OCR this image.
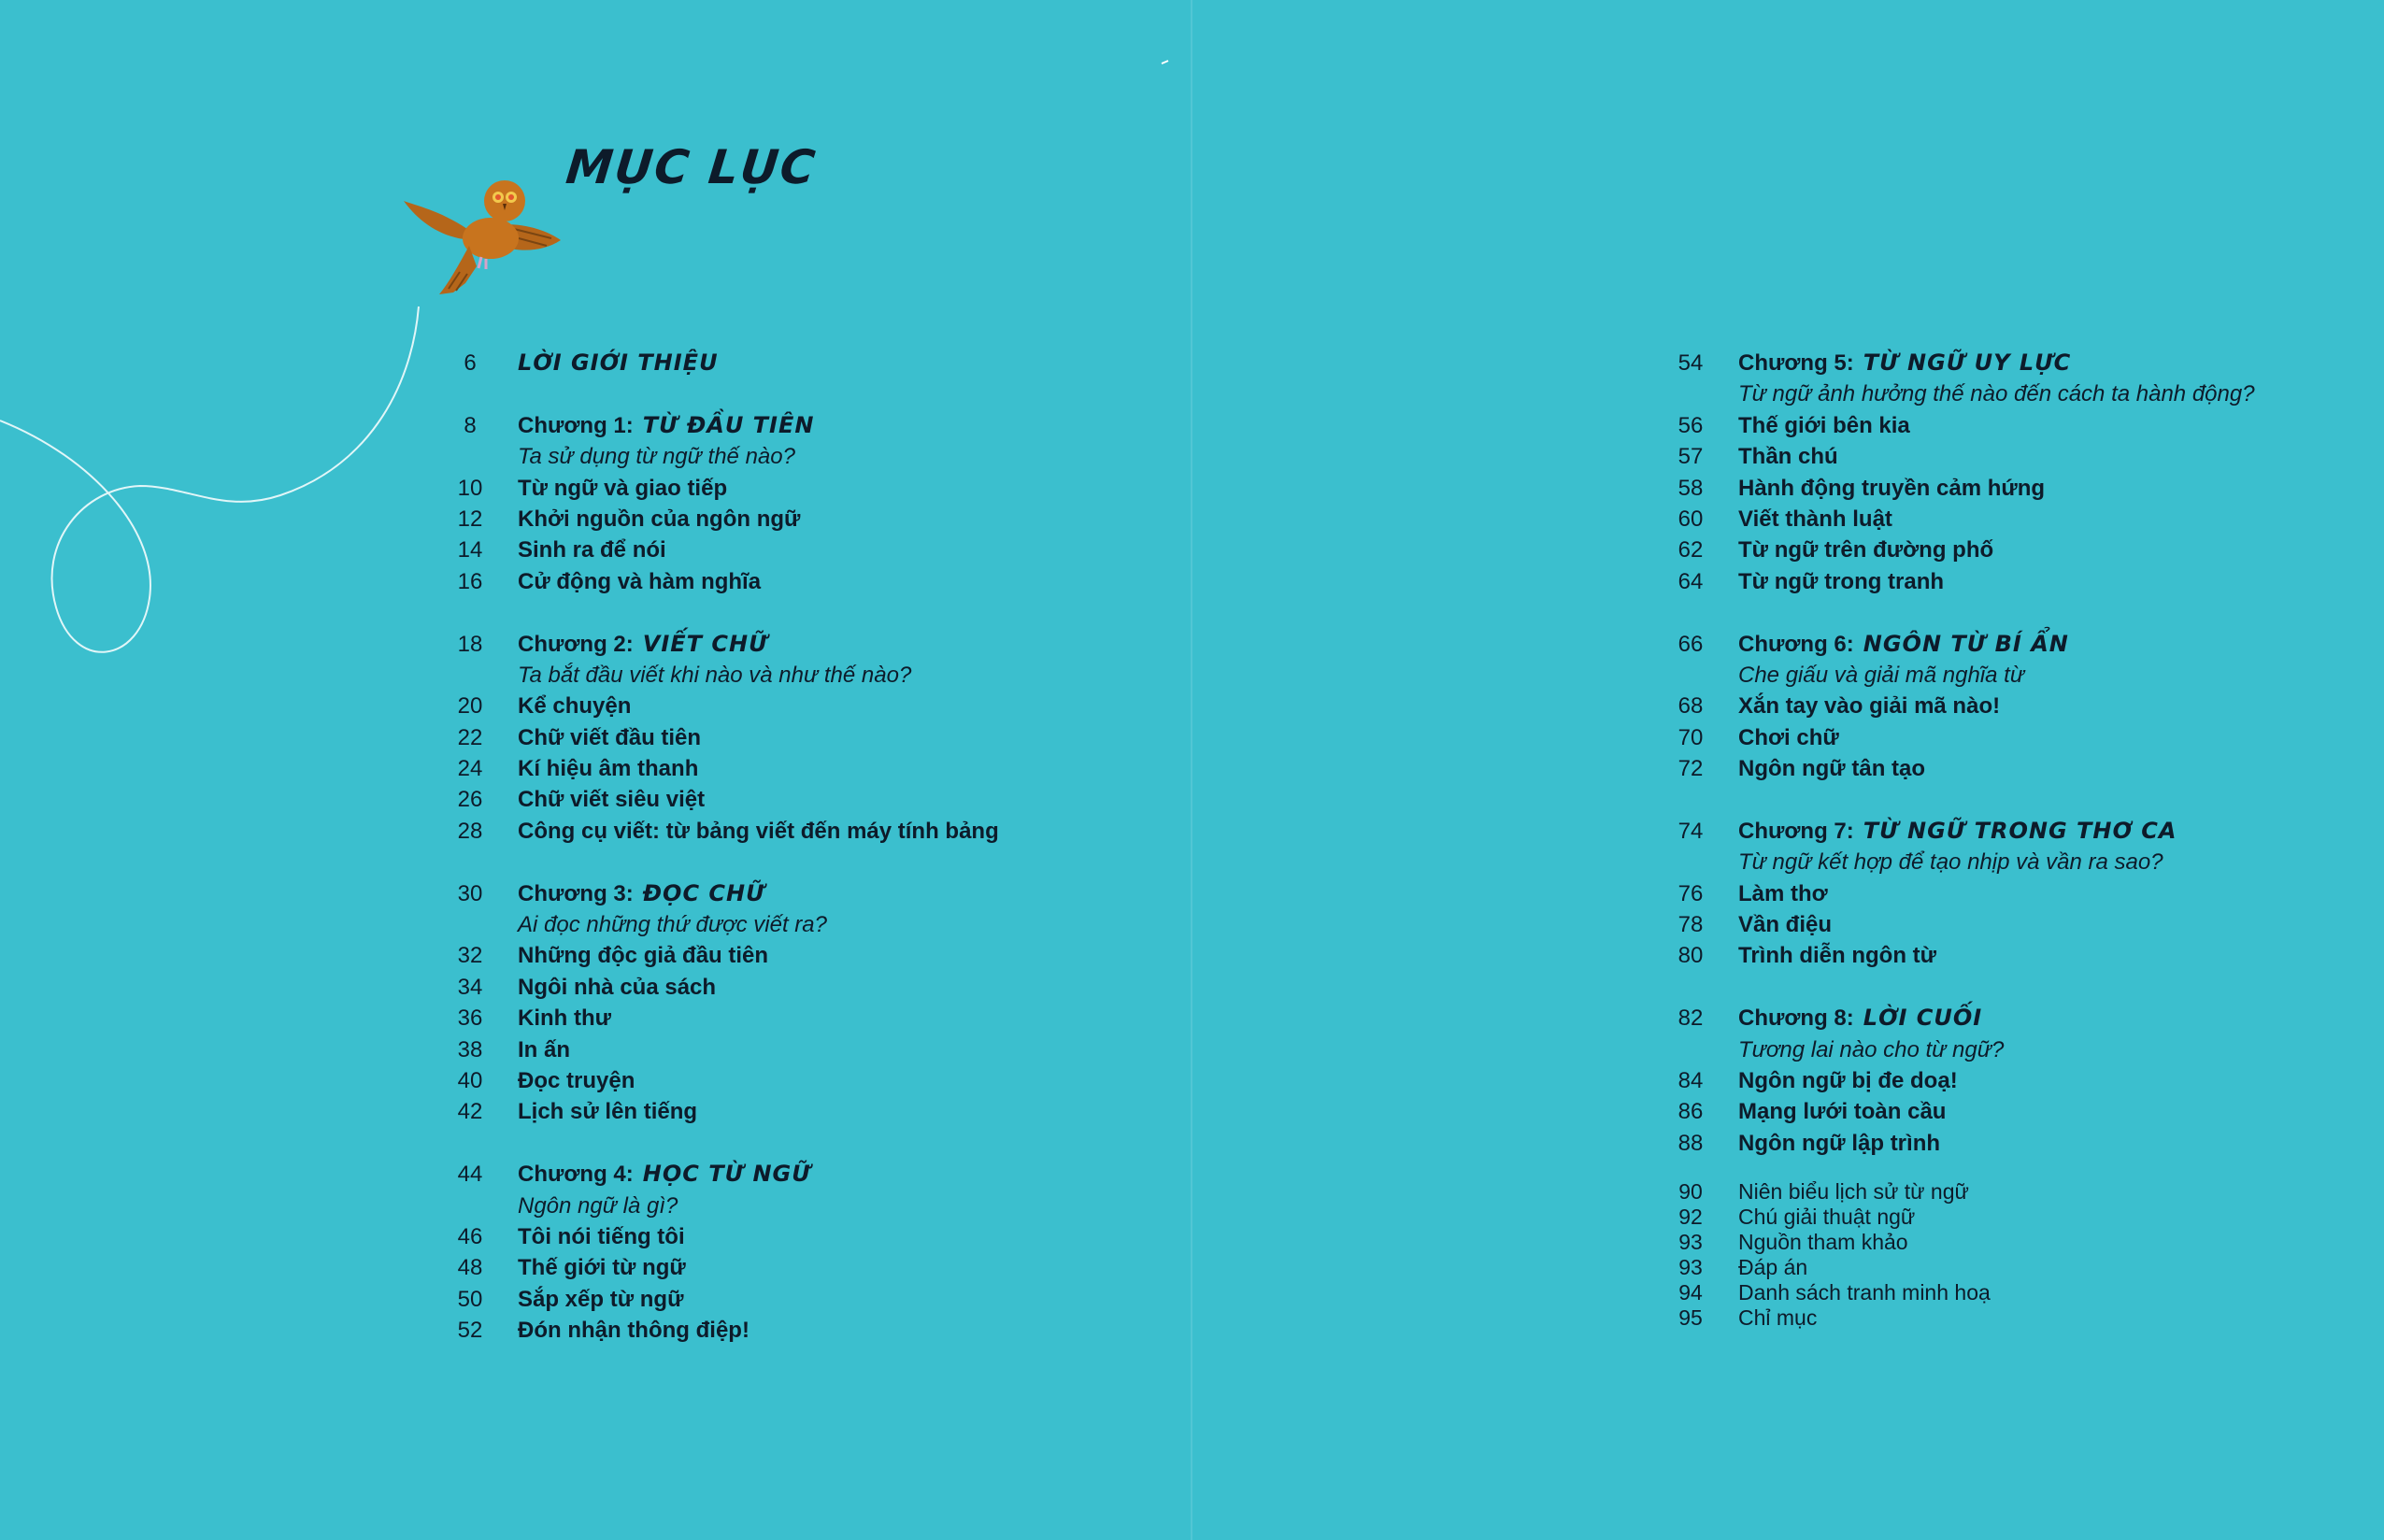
MỤC LỤC
6	LỜI GIỚI THIỆU
8	Chương 1: TỪ ĐẦU TIÊN
Ta sử dụng từ ngữ thế nào?
10	Từ ngữ và giao tiếp
12	Khởi nguồn của ngôn ngữ
14	Sinh ra để nói
16	Cử động và hàm nghĩa
18	Chương 2: VIẾT CHỮ
Ta bắt đầu viết khi nào và như thế nào?
20	Kể chuyện
22	Chữ viết đầu tiên
24	Kí hiệu âm thanh
26	Chữ viết siêu việt
28	Công cụ viết: từ bảng viết đến máy tính bảng
30	Chương 3: ĐỌC CHỮ
Ai đọc những thứ được viết ra?
32	Những độc giả đầu tiên
34	Ngôi nhà của sách
36	Kinh thư
38	In ấn
40	Đọc truyện
42	Lịch sử lên tiếng
44	Chương 4: HỌC TỪ NGỮ
Ngôn ngữ là gì?
46	Tôi nói tiếng tôi
48	Thế giới từ ngữ
50	Sắp xếp từ ngữ
52	Đón nhận thông điệp!
54	Chương 5: TỪ NGỮ UY LỰC
Từ ngữ ảnh hưởng thế nào đến cách ta hành động?
56	Thế giới bên kia
57	Thần chú
58	Hành động truyền cảm hứng
60	Viết thành luật
62	Từ ngữ trên đường phố
64	Từ ngữ trong tranh
66	Chương 6: NGÔN TỪ BÍ ẨN
Che giấu và giải mã nghĩa từ
68	Xắn tay vào giải mã nào!
70	Chơi chữ
72	Ngôn ngữ tân tạo
74	Chương 7: TỪ NGỮ TRONG THƠ CA
Từ ngữ kết hợp để tạo nhịp và vần ra sao?
76	Làm thơ
78	Vần điệu
80	Trình diễn ngôn từ
82	Chương 8: LỜI CUỐI
Tương lai nào cho từ ngữ?
84	Ngôn ngữ bị đe doạ!
86	Mạng lưới toàn cầu
88	Ngôn ngữ lập trình
90	Niên biểu lịch sử từ ngữ
92	Chú giải thuật ngữ
93	Nguồn tham khảo
93	Đáp án
94	Danh sách tranh minh hoạ
95	Chỉ mục
